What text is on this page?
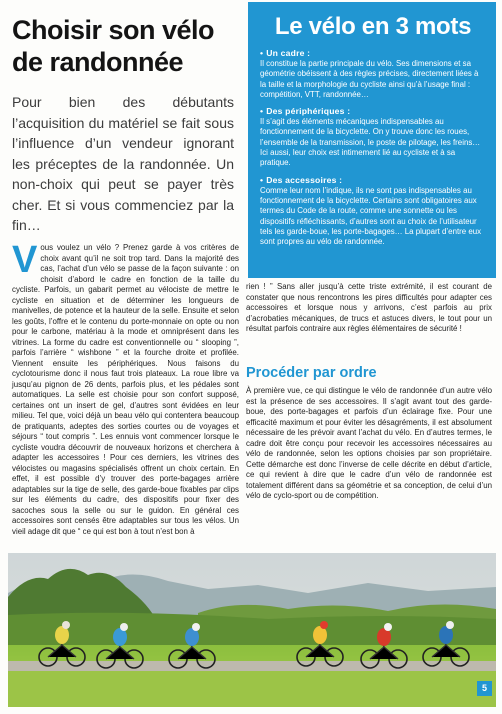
Choisir son vélo de randonnée

Pour bien des débutants l’acquisition du matériel se fait sous l’influence d’un vendeur ignorant les préceptes de la randonnée. Un non-choix qui peut se payer très cher. Et si vous commenciez par la fin…

Le vélo en 3 mots
• Un cadre :

Il constitue la partie principale du vélo. Ses dimensions et sa géométrie obéissent à des règles précises, directement liées à la taille et la morphologie du cycliste ainsi qu’à l’usage final : compétition, VTT, randonnée…

• Des périphériques :

Il s’agit des éléments mécaniques indispensables au fonctionnement de la bicyclette. On y trouve donc les roues, l’ensemble de la transmission, le poste de pilotage, les freins… Ici aussi, leur choix est intimement lié au cycliste et à sa pratique.

• Des accessoires :

Comme leur nom l’indique, ils ne sont pas indispensables au fonctionnement de la bicyclette. Certains sont obligatoires aux termes du Code de la route, comme une sonnette ou les dispositifs réfléchissants, d’autres sont au choix de l’utilisateur tels les garde-boue, les porte-bagages… La plupart d’entre eux sont propres au vélo de randonnée.

Vous voulez un vélo ? Prenez garde à vos critères de choix avant qu’il ne soit trop tard. Dans la majorité des cas, l’achat d’un vélo se passe de la façon suivante : on choisit d’abord le cadre en fonction de la taille du cycliste. Parfois, un gabarit permet au vélociste de mettre le cycliste en situation et de déterminer les longueurs de manivelles, de potence et la hauteur de la selle. Ensuite et selon les goûts, l’offre et le contenu du porte-monnaie on opte ou non pour le carbone, matériau à la mode et omniprésent dans les vitrines. La forme du cadre est conventionnelle ou “ slooping ”, parfois l’arrière “ wishbone ” et la fourche droite et profilée. Viennent ensuite les périphériques. Nous faisons du cyclotourisme donc il nous faut trois plateaux. La roue libre va jusqu’au pignon de 26 dents, parfois plus, et les pédales sont automatiques. La selle est choisie pour son confort supposé, certaines ont un insert de gel, d’autres sont évidées en leur milieu. Tel que, voici déjà un beau vélo qui contentera beaucoup de pratiquants, adeptes des sorties courtes ou de voyages et séjours “ tout compris ”. Les ennuis vont commencer lorsque le cycliste voudra découvrir de nouveaux horizons et cherchera à adapter les accessoires ! Pour ces derniers, les vitrines des vélocistes ou magasins spécialisés offrent un choix certain. En effet, il est possible d’y trouver des porte-bagages arrière adaptables sur la tige de selle, des garde-boue fixables par clips sur les éléments du cadre, des dispositifs pour fixer des sacoches sous la selle ou sur le guidon. En général ces accessoires sont censés être adaptables sur tous les vélos. Un vieil adage dit que “ ce qui est bon à tout n’est bon à

rien ! ” Sans aller jusqu’à cette triste extrémité, il est courant de constater que nous rencontrons les pires difficultés pour adapter ces accessoires et lorsque nous y arrivons, c’est parfois au prix d’acrobaties mécaniques, de trucs et astuces divers, le tout pour un résultat parfois contraire aux règles élémentaires de sécurité !

Procéder par ordre

À première vue, ce qui distingue le vélo de randonnée d’un autre vélo est la présence de ses accessoires. Il s’agit avant tout des garde-boue, des porte-bagages et parfois d’un éclairage fixe. Pour une efficacité maximum et pour éviter les désagréments, il est absolument nécessaire de les prévoir avant l’achat du vélo. En d’autres termes, le cadre doit être conçu pour recevoir les accessoires nécessaires au vélo de randonnée, selon les options choisies par son propriétaire. Cette démarche est donc l’inverse de celle décrite en début d’article, ce qui revient à dire que le cadre d’un vélo de randonnée est totalement différent dans sa géométrie et sa conception, de celui d’un vélo de cyclo-sport ou de compétition.

5
